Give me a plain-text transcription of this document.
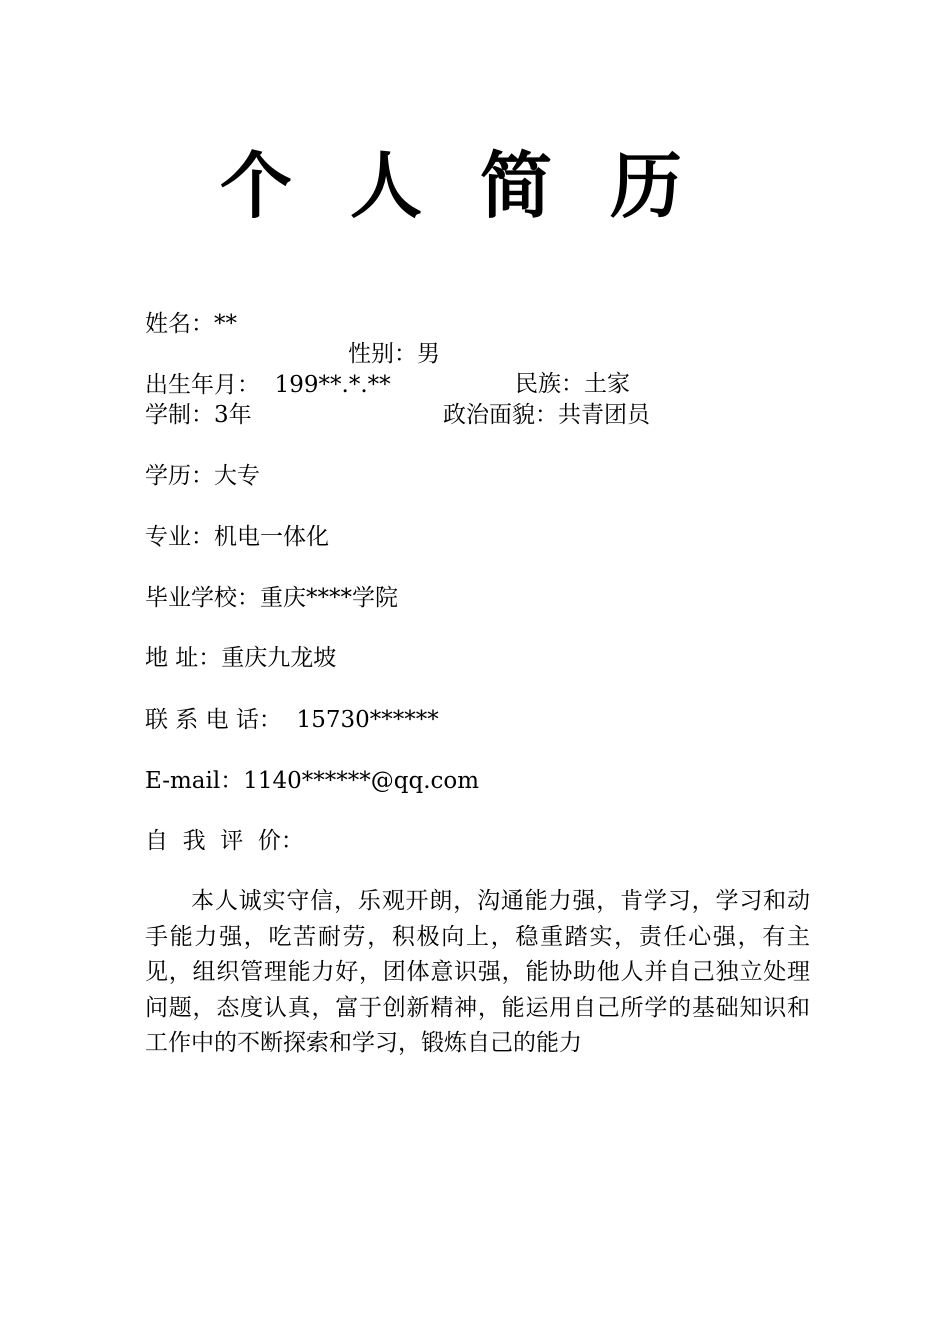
个人简历

姓名：**

性别：男

民族：土家

出生年月：  199**.*.**

政治面貌：共青团员

学制：3年
学历：大专
专业：机电一体化
毕业学校：重庆****学院
地 址：重庆九龙坡
联 系 电 话：  15730******
E-mail：1140******@qq.com
自  我  评  价：
本人诚实守信，乐观开朗，沟通能力强，肯学习，学习和动手能力强，吃苦耐劳，积极向上，稳重踏实，责任心强，有主见，组织管理能力好，团体意识强，能协助他人并自己独立处理问题，态度认真，富于创新精神，能运用自己所学的基础知识和工作中的不断探索和学习，锻炼自己的能力
